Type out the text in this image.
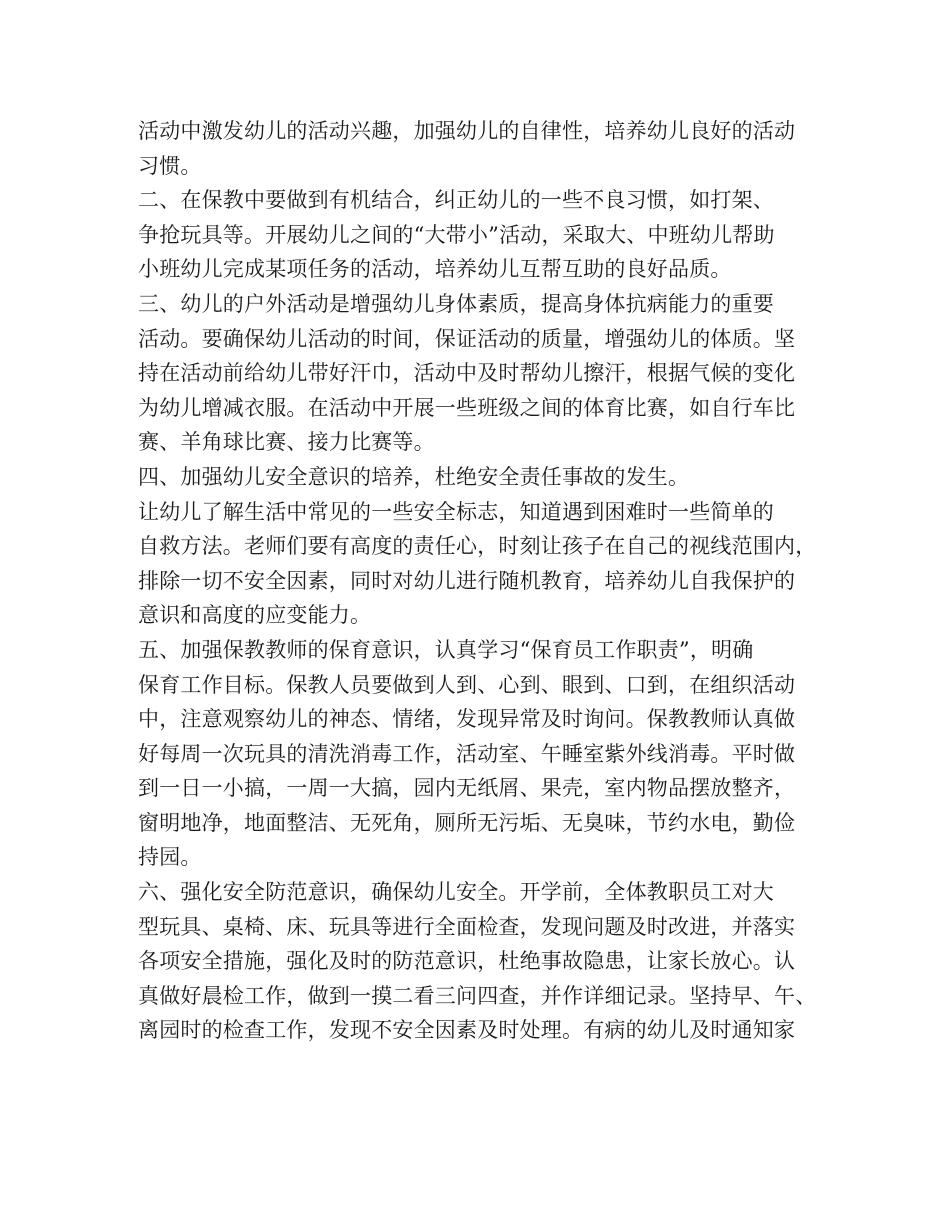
活动中激发幼儿的活动兴趣，加强幼儿的自律性，培养幼儿良好的活动
习惯。
二、在保教中要做到有机结合，纠正幼儿的一些不良习惯，如打架、
争抢玩具等。开展幼儿之间的“大带小”活动，采取大、中班幼儿帮助
小班幼儿完成某项任务的活动，培养幼儿互帮互助的良好品质。
三、幼儿的户外活动是增强幼儿身体素质，提高身体抗病能力的重要
活动。要确保幼儿活动的时间，保证活动的质量，增强幼儿的体质。坚
持在活动前给幼儿带好汗巾，活动中及时帮幼儿擦汗，根据气候的变化
为幼儿增减衣服。在活动中开展一些班级之间的体育比赛，如自行车比
赛、羊角球比赛、接力比赛等。
四、加强幼儿安全意识的培养，杜绝安全责任事故的发生。
让幼儿了解生活中常见的一些安全标志，知道遇到困难时一些简单的
自救方法。老师们要有高度的责任心，时刻让孩子在自己的视线范围内，
排除一切不安全因素，同时对幼儿进行随机教育，培养幼儿自我保护的
意识和高度的应变能力。
五、加强保教教师的保育意识，认真学习“保育员工作职责”，明确
保育工作目标。保教人员要做到人到、心到、眼到、口到，在组织活动
中，注意观察幼儿的神态、情绪，发现异常及时询问。保教教师认真做
好每周一次玩具的清洗消毒工作，活动室、午睡室紫外线消毒。平时做
到一日一小搞，一周一大搞，园内无纸屑、果壳，室内物品摆放整齐，
窗明地净，地面整洁、无死角，厕所无污垢、无臭味，节约水电，勤俭
持园。
六、强化安全防范意识，确保幼儿安全。开学前，全体教职员工对大
型玩具、桌椅、床、玩具等进行全面检查，发现问题及时改进，并落实
各项安全措施，强化及时的防范意识，杜绝事故隐患，让家长放心。认
真做好晨检工作，做到一摸二看三问四查，并作详细记录。坚持早、午、
离园时的检查工作，发现不安全因素及时处理。有病的幼儿及时通知家
